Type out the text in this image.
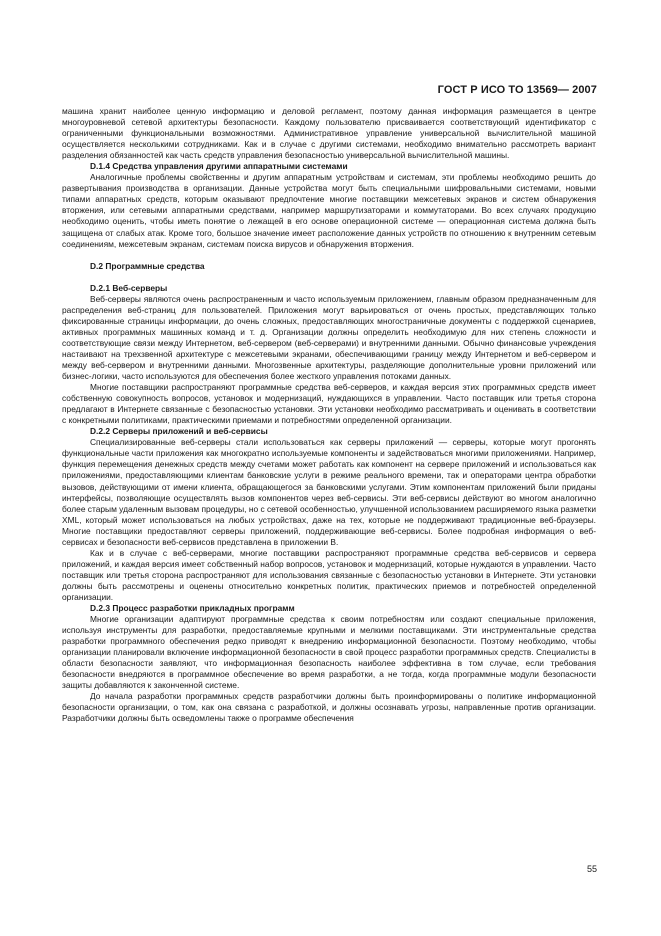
ГОСТ Р ИСО ТО 13569— 2007

машина хранит наиболее ценную информацию и деловой регламент, поэтому данная информация размещается в центре многоуровневой сетевой архитектуры безопасности. Каждому пользователю присваивается соответствующий идентификатор с ограниченными функциональными возможностями. Административное управление универсальной вычислительной машиной осуществляется несколькими сотрудниками. Как и в случае с другими системами, необходимо внимательно рассмотреть вариант разделения обязанностей как часть средств управления безопасностью универсальной вычислительной машины.

D.1.4 Средства управления другими аппаратными системами

Аналогичные проблемы свойственны и другим аппаратным устройствам и системам, эти проблемы необходимо решить до развертывания производства в организации. Данные устройства могут быть специальными шифровальными системами, новыми типами аппаратных средств, которым оказывают предпочтение многие поставщики межсетевых экранов и систем обнаружения вторжения, или сетевыми аппаратными средствами, например маршрутизаторами и коммутаторами. Во всех случаях продукцию необходимо оценить, чтобы иметь понятие о лежащей в его основе операционной системе — операционная система должна быть защищена от слабых атак. Кроме того, большое значение имеет расположение данных устройств по отношению к внутренним сетевым соединениям, межсетевым экранам, системам поиска вирусов и обнаружения вторжения.

D.2 Программные средства

D.2.1 Веб-серверы

Веб-серверы являются очень распространенным и часто используемым приложением, главным образом предназначенным для распределения веб-страниц для пользователей. Приложения могут варьироваться от очень простых, представляющих только фиксированные страницы информации, до очень сложных, предоставляющих многостраничные документы с поддержкой сценариев, активных программных машинных команд и т. д. Организации должны определить необходимую для них степень сложности и соответствующие связи между Интернетом, веб-сервером (веб-серверами) и внутренними данными. Обычно финансовые учреждения настаивают на трехзвенной архитектуре с межсетевыми экранами, обеспечивающими границу между Интернетом и веб-сервером и между веб-сервером и внутренними данными. Многозвенные архитектуры, разделяющие дополнительные уровни приложений или бизнес-логики, часто используются для обеспечения более жесткого управления потоками данных.

Многие поставщики распространяют программные средства веб-серверов, и каждая версия этих программных средств имеет собственную совокупность вопросов, установок и модернизаций, нуждающихся в управлении. Часто поставщик или третья сторона предлагают в Интернете связанные с безопасностью установки. Эти установки необходимо рассматривать и оценивать в соответствии с конкретными политиками, практическими приемами и потребностями определенной организации.

D.2.2 Серверы приложений и веб-сервисы

Специализированные веб-серверы стали использоваться как серверы приложений — серверы, которые могут прогонять функциональные части приложения как многократно используемые компоненты и задействоваться многими приложениями. Например, функция перемещения денежных средств между счетами может работать как компонент на сервере приложений и использоваться как приложениями, предоставляющими клиентам банковские услуги в режиме реального времени, так и операторами центра обработки вызовов, действующими от имени клиента, обращающегося за банковскими услугами. Этим компонентам приложений были приданы интерфейсы, позволяющие осуществлять вызов компонентов через веб-сервисы. Эти веб-сервисы действуют во многом аналогично более старым удаленным вызовам процедуры, но с сетевой особенностью, улучшенной использованием расширяемого языка разметки XML, который может использоваться на любых устройствах, даже на тех, которые не поддерживают традиционные веб-браузеры. Многие поставщики предоставляют серверы приложений, поддерживающие веб-сервисы. Более подробная информация о веб-сервисах и безопасности веб-сервисов представлена в приложении В.

Как и в случае с веб-серверами, многие поставщики распространяют программные средства веб-сервисов и сервера приложений, и каждая версия имеет собственный набор вопросов, установок и модернизаций, которые нуждаются в управлении. Часто поставщик или третья сторона распространяют для использования связанные с безопасностью установки в Интернете. Эти установки должны быть рассмотрены и оценены относительно конкретных политик, практических приемов и потребностей определенной организации.

D.2.3 Процесс разработки прикладных программ

Многие организации адаптируют программные средства к своим потребностям или создают специальные приложения, используя инструменты для разработки, предоставляемые крупными и мелкими поставщиками. Эти инструментальные средства разработки программного обеспечения редко приводят к внедрению информационной безопасности. Поэтому необходимо, чтобы организации планировали включение информационной безопасности в свой процесс разработки программных средств. Специалисты в области безопасности заявляют, что информационная безопасность наиболее эффективна в том случае, если требования безопасности внедряются в программное обеспечение во время разработки, а не тогда, когда программные модули безопасности защиты добавляются к законченной системе.

До начала разработки программных средств разработчики должны быть проинформированы о политике информационной безопасности организации, о том, как она связана с разработкой, и должны осознавать угрозы, направленные против организации. Разработчики должны быть осведомлены также о программе обеспечения

55
